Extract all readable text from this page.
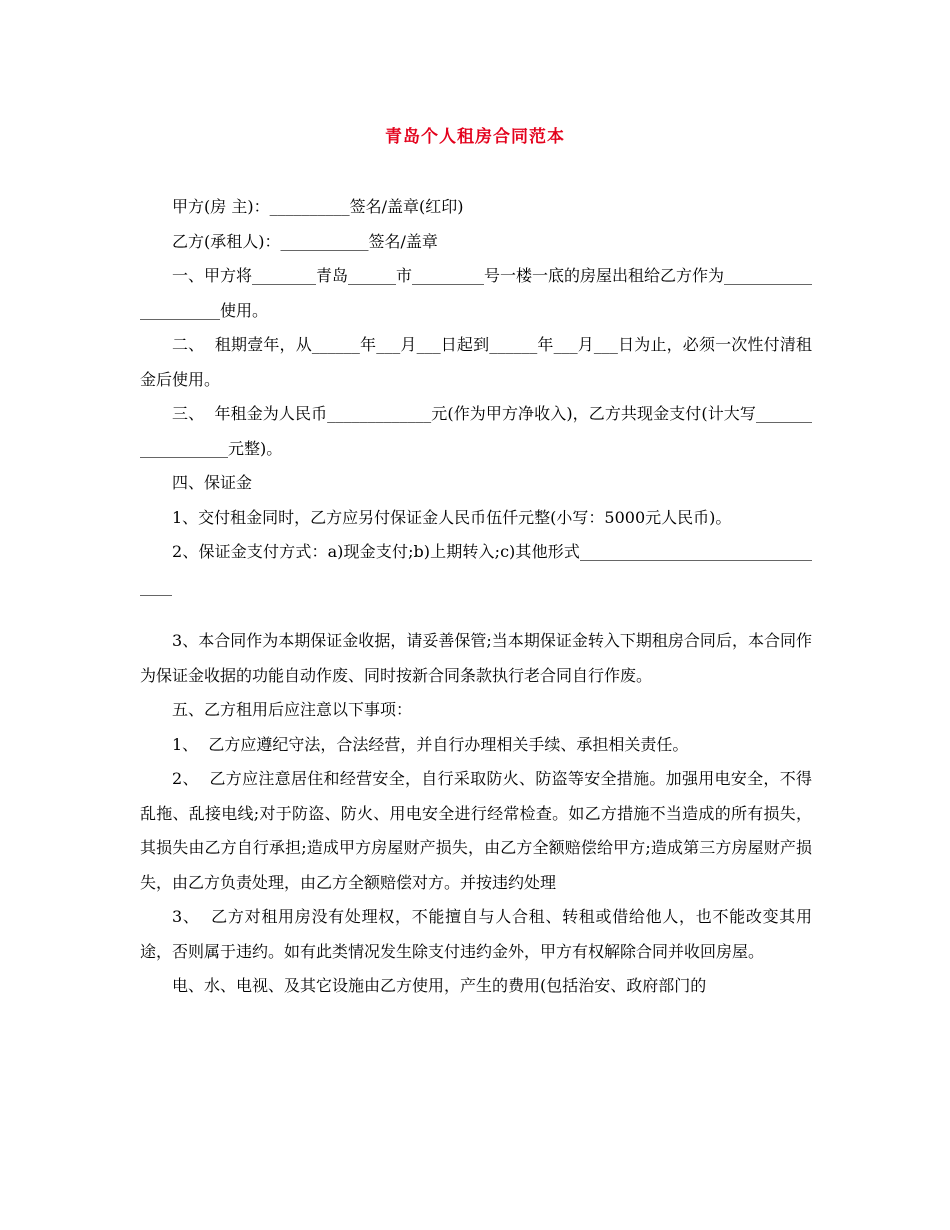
青岛个人租房合同范本

甲方(房 主)：__________签名/盖章(红印)

乙方(承租人)：___________签名/盖章

一、甲方将________青岛______市_________号一楼一底的房屋出租给乙方作为_____________________使用。

二、  租期壹年，从______年___月___日起到______年___月___日为止，必须一次性付清租金后使用。

三、  年租金为人民币_____________元(作为甲方净收入)，乙方共现金支付(计大写__________________元整)。

四、保证金

1、交付租金同时，乙方应另付保证金人民币伍仟元整(小写：5000元人民币)。

2、保证金支付方式：a)现金支付;b)上期转入;c)其他形式_________________________________

3、本合同作为本期保证金收据，请妥善保管;当本期保证金转入下期租房合同后，本合同作为保证金收据的功能自动作废、同时按新合同条款执行老合同自行作废。

五、乙方租用后应注意以下事项：

1、  乙方应遵纪守法，合法经营，并自行办理相关手续、承担相关责任。

2、  乙方应注意居住和经营安全，自行采取防火、防盗等安全措施。加强用电安全，不得乱拖、乱接电线;对于防盗、防火、用电安全进行经常检查。如乙方措施不当造成的所有损失，其损失由乙方自行承担;造成甲方房屋财产损失，由乙方全额赔偿给甲方;造成第三方房屋财产损失，由乙方负责处理，由乙方全额赔偿对方。并按违约处理

3、  乙方对租用房没有处理权，不能擅自与人合租、转租或借给他人，也不能改变其用途，否则属于违约。如有此类情况发生除支付违约金外，甲方有权解除合同并收回房屋。

电、水、电视、及其它设施由乙方使用，产生的费用(包括治安、政府部门的
